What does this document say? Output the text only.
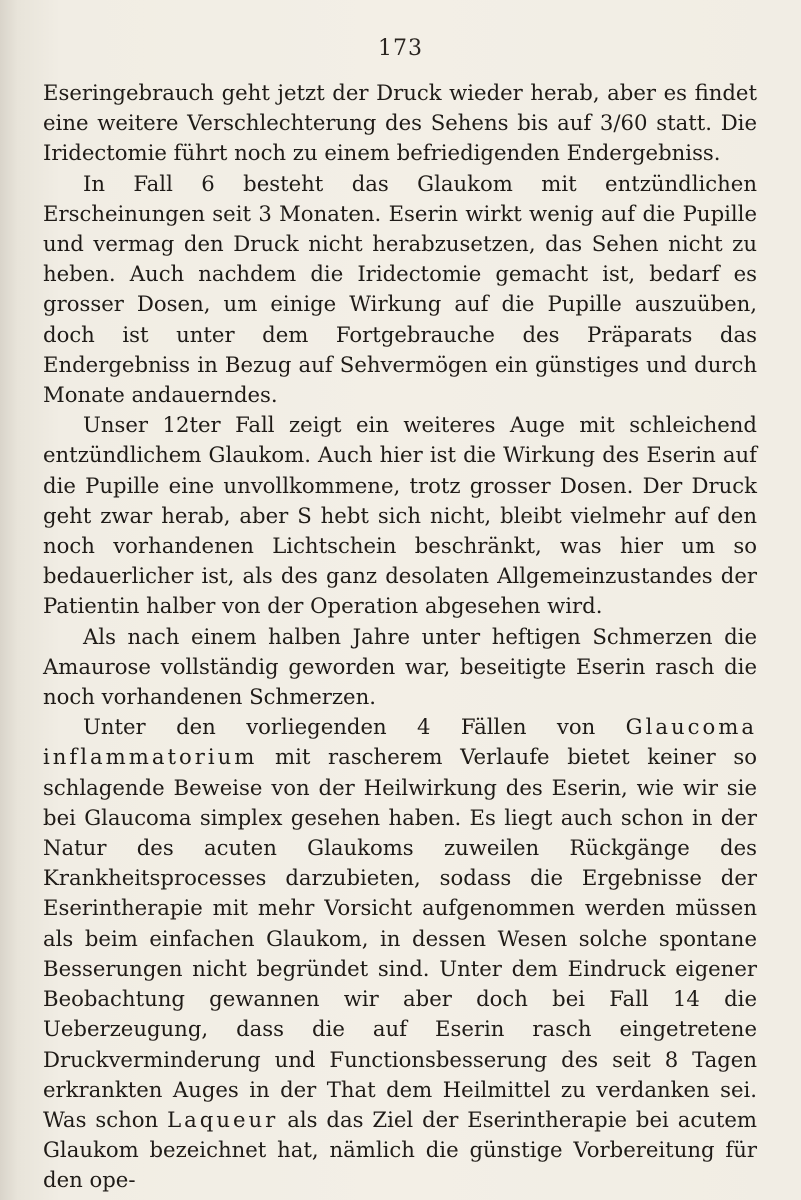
173

Eseringebrauch geht jetzt der Druck wieder herab, aber es findet eine weitere Verschlechterung des Sehens bis auf 3/60 statt. Die Iridectomie führt noch zu einem befriedigenden Endergebniss.

In Fall 6 besteht das Glaukom mit entzündlichen Erscheinungen seit 3 Monaten. Eserin wirkt wenig auf die Pupille und vermag den Druck nicht herabzusetzen, das Sehen nicht zu heben. Auch nachdem die Iridectomie gemacht ist, bedarf es grosser Dosen, um einige Wirkung auf die Pupille auszuüben, doch ist unter dem Fortgebrauche des Präparats das Endergebniss in Bezug auf Sehvermögen ein günstiges und durch Monate andauerndes.

Unser 12ter Fall zeigt ein weiteres Auge mit schleichend entzündlichem Glaukom. Auch hier ist die Wirkung des Eserin auf die Pupille eine unvollkommene, trotz grosser Dosen. Der Druck geht zwar herab, aber S hebt sich nicht, bleibt vielmehr auf den noch vorhandenen Lichtschein beschränkt, was hier um so bedauerlicher ist, als des ganz desolaten Allgemeinzustandes der Patientin halber von der Operation abgesehen wird.

Als nach einem halben Jahre unter heftigen Schmerzen die Amaurose vollständig geworden war, beseitigte Eserin rasch die noch vorhandenen Schmerzen.

Unter den vorliegenden 4 Fällen von Glaucoma inflammatorium mit rascherem Verlaufe bietet keiner so schlagende Beweise von der Heilwirkung des Eserin, wie wir sie bei Glaucoma simplex gesehen haben. Es liegt auch schon in der Natur des acuten Glaukoms zuweilen Rückgänge des Krankheitsprocesses darzubieten, sodass die Ergebnisse der Eserintherapie mit mehr Vorsicht aufgenommen werden müssen als beim einfachen Glaukom, in dessen Wesen solche spontane Besserungen nicht begründet sind. Unter dem Eindruck eigener Beobachtung gewannen wir aber doch bei Fall 14 die Ueberzeugung, dass die auf Eserin rasch eingetretene Druckverminderung und Functionsbesserung des seit 8 Tagen erkrankten Auges in der That dem Heilmittel zu verdanken sei. Was schon Laqueur als das Ziel der Eserintherapie bei acutem Glaukom bezeichnet hat, nämlich die günstige Vorbereitung für den ope-
